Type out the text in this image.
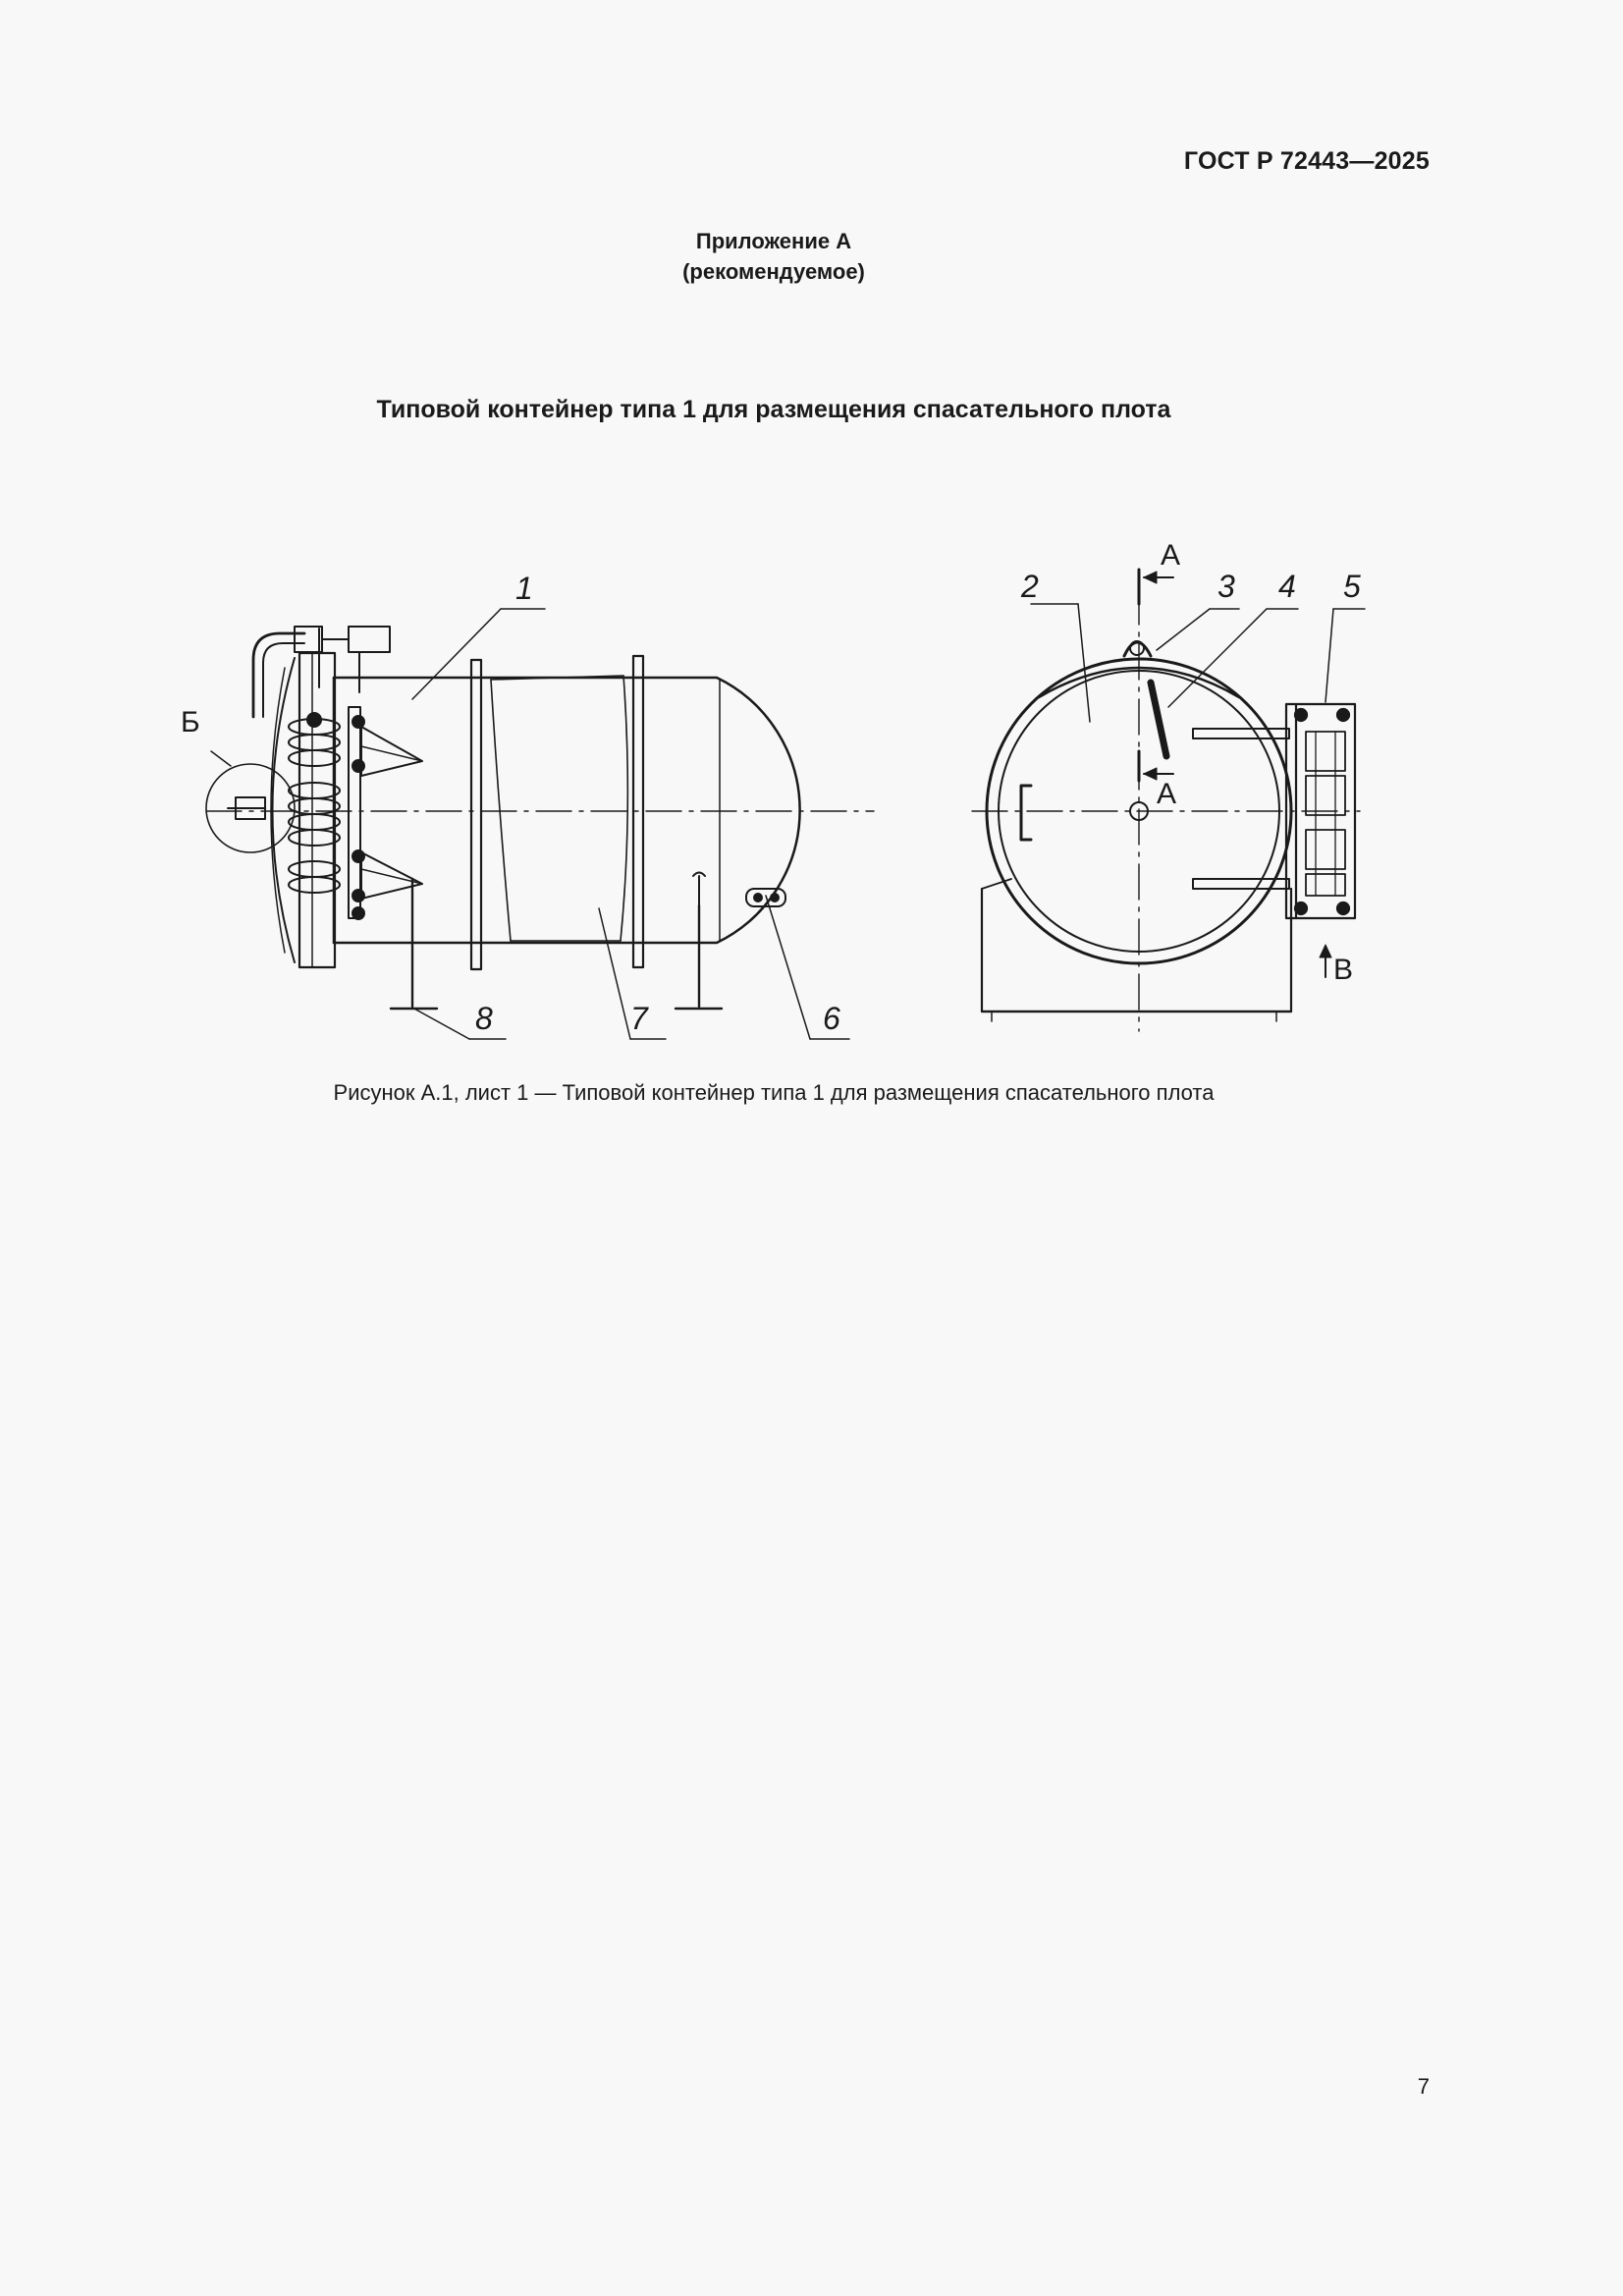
ГОСТ Р 72443—2025
Приложение А
(рекомендуемое)
Типовой контейнер типа 1 для размещения спасательного плота
1	2	3 4 5
6
7
8
Б
А
А
В
Рисунок А.1, лист 1 — Типовой контейнер типа 1 для размещения спасательного плота
7
